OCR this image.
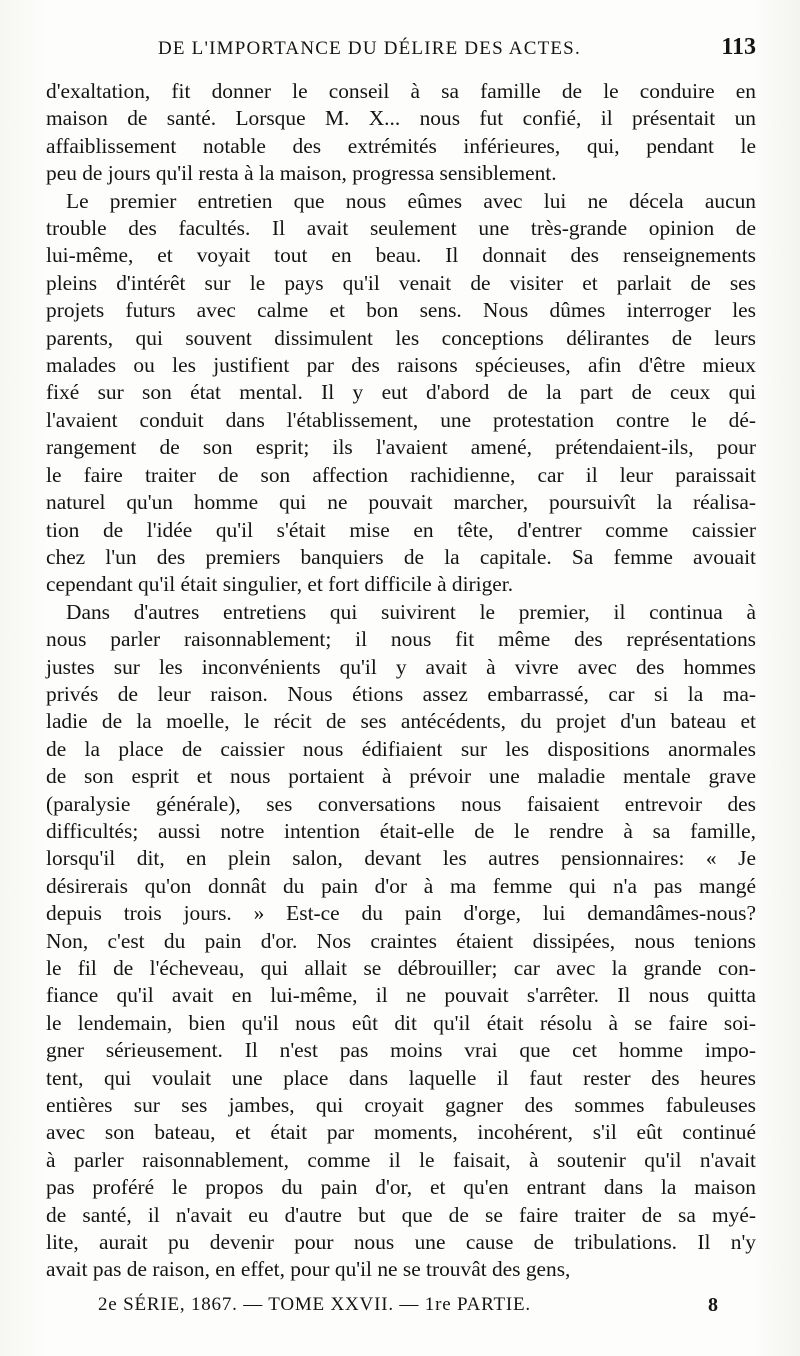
DE L'IMPORTANCE DU DÉLIRE DES ACTES.	113

d'exaltation, fit donner le conseil à sa famille de le conduire en
maison de santé. Lorsque M. X... nous fut confié, il présentait un
affaiblissement notable des extrémités inférieures, qui, pendant le
peu de jours qu'il resta à la maison, progressa sensiblement.

Le premier entretien que nous eûmes avec lui ne décela aucun
trouble des facultés. Il avait seulement une très-grande opinion de
lui-même, et voyait tout en beau. Il donnait des renseignements
pleins d'intérêt sur le pays qu'il venait de visiter et parlait de ses
projets futurs avec calme et bon sens. Nous dûmes interroger les
parents, qui souvent dissimulent les conceptions délirantes de leurs
malades ou les justifient par des raisons spécieuses, afin d'être mieux
fixé sur son état mental. Il y eut d'abord de la part de ceux qui
l'avaient conduit dans l'établissement, une protestation contre le dé-
rangement de son esprit; ils l'avaient amené, prétendaient-ils, pour
le faire traiter de son affection rachidienne, car il leur paraissait
naturel qu'un homme qui ne pouvait marcher, poursuivît la réalisa-
tion de l'idée qu'il s'était mise en tête, d'entrer comme caissier
chez l'un des premiers banquiers de la capitale. Sa femme avouait
cependant qu'il était singulier, et fort difficile à diriger.

Dans d'autres entretiens qui suivirent le premier, il continua à
nous parler raisonnablement; il nous fit même des représentations
justes sur les inconvénients qu'il y avait à vivre avec des hommes
privés de leur raison. Nous étions assez embarrassé, car si la ma-
ladie de la moelle, le récit de ses antécédents, du projet d'un bateau et
de la place de caissier nous édifiaient sur les dispositions anormales
de son esprit et nous portaient à prévoir une maladie mentale grave
(paralysie générale), ses conversations nous faisaient entrevoir des
difficultés; aussi notre intention était-elle de le rendre à sa famille,
lorsqu'il dit, en plein salon, devant les autres pensionnaires: « Je
désirerais qu'on donnât du pain d'or à ma femme qui n'a pas mangé
depuis trois jours. » Est-ce du pain d'orge, lui demandâmes-nous?
Non, c'est du pain d'or. Nos craintes étaient dissipées, nous tenions
le fil de l'écheveau, qui allait se débrouiller; car avec la grande con-
fiance qu'il avait en lui-même, il ne pouvait s'arrêter. Il nous quitta
le lendemain, bien qu'il nous eût dit qu'il était résolu à se faire soi-
gner sérieusement. Il n'est pas moins vrai que cet homme impo-
tent, qui voulait une place dans laquelle il faut rester des heures
entières sur ses jambes, qui croyait gagner des sommes fabuleuses
avec son bateau, et était par moments, incohérent, s'il eût continué
à parler raisonnablement, comme il le faisait, à soutenir qu'il n'avait
pas proféré le propos du pain d'or, et qu'en entrant dans la maison
de santé, il n'avait eu d'autre but que de se faire traiter de sa myé-
lite, aurait pu devenir pour nous une cause de tribulations. Il n'y
avait pas de raison, en effet, pour qu'il ne se trouvât des gens,

2e SÉRIE, 1867. — TOME XXVII. — 1re PARTIE.	8
